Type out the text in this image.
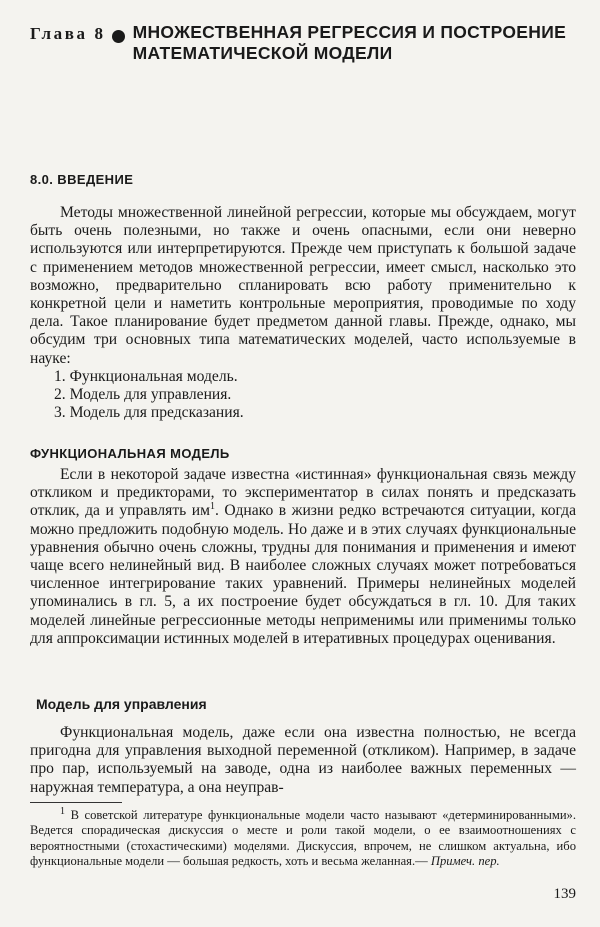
Глава 8 МНОЖЕСТВЕННАЯ РЕГРЕССИЯ И ПОСТРОЕНИЕ МАТЕМАТИЧЕСКОЙ МОДЕЛИ
8.0. ВВЕДЕНИЕ

Методы множественной линейной регрессии, которые мы обсуждаем, могут быть очень полезными, но также и очень опасными, если они неверно используются или интерпретируются. Прежде чем приступать к большой задаче с применением методов множественной регрессии, имеет смысл, насколько это возможно, предварительно спланировать всю работу применительно к конкретной цели и наметить контрольные мероприятия, проводимые по ходу дела. Такое планирование будет предметом данной главы. Прежде, однако, мы обсудим три основных типа математических моделей, часто используемые в науке:

1. Функциональная модель.
2. Модель для управления.
3. Модель для предсказания.
ФУНКЦИОНАЛЬНАЯ МОДЕЛЬ

Если в некоторой задаче известна «истинная» функциональная связь между откликом и предикторами, то экспериментатор в силах понять и предсказать отклик, да и управлять $им^1$. Однако в жизни редко встречаются ситуации, когда можно предложить подобную модель. Но даже и в этих случаях функциональные уравнения обычно очень сложны, трудны для понимания и применения и имеют чаще всего нелинейный вид. В наиболее сложных случаях может потребоваться численное интегрирование таких уравнений. Примеры нелинейных моделей упоминались в гл. 5, а их построение будет обсуждаться в гл. 10. Для таких моделей линейные регрессионные методы неприменимы или применимы только для аппроксимации истинных моделей в итеративных процедурах оценивания.

Модель для управления

Функциональная модель, даже если она известна полностью, не всегда пригодна для управления выходной переменной (откликом). Например, в задаче про пар, используемый на заводе, одна из наиболее важных переменных — наружная температура, а она неуправ-

$^1$ В советской литературе функциональные модели часто называют «детерминированными». Ведется спорадическая дискуссия о месте и роли такой модели, о ее взаимоотношениях с вероятностными (стохастическими) моделями. Дискуссия, впрочем, не слишком актуальна, ибо функциональные модели — большая редкость, хоть и весьма желанная.— Примеч. пер.

139
